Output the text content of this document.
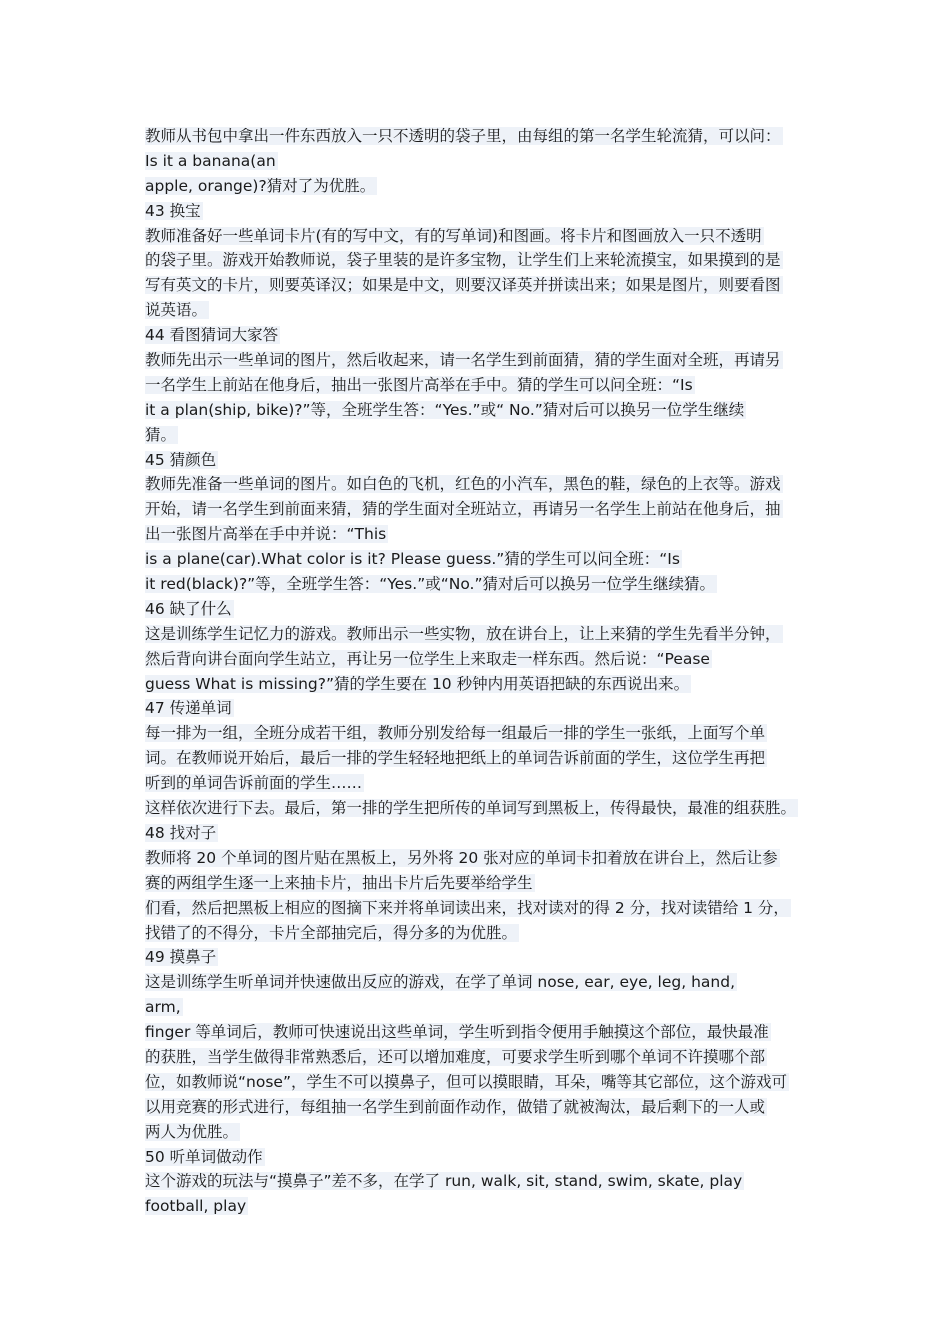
教师从书包中拿出一件东西放入一只不透明的袋子里，由每组的第一名学生轮流猜，可以问：
Is it a banana(an
apple, orange)?猜对了为优胜。
43 换宝
教师准备好一些单词卡片(有的写中文，有的写单词)和图画。将卡片和图画放入一只不透明
的袋子里。游戏开始教师说，袋子里装的是许多宝物，让学生们上来轮流摸宝，如果摸到的是
写有英文的卡片，则要英译汉；如果是中文，则要汉译英并拼读出来；如果是图片，则要看图
说英语。
44 看图猜词大家答
教师先出示一些单词的图片，然后收起来，请一名学生到前面猜，猜的学生面对全班，再请另
一名学生上前站在他身后，抽出一张图片高举在手中。猜的学生可以问全班：“Is
it a plan(ship, bike)?”等，全班学生答：“Yes.”或“ No.”猜对后可以换另一位学生继续
猜。
45 猜颜色
教师先准备一些单词的图片。如白色的飞机，红色的小汽车，黑色的鞋，绿色的上衣等。游戏
开始，请一名学生到前面来猜，猜的学生面对全班站立，再请另一名学生上前站在他身后，抽
出一张图片高举在手中并说：“This
is a plane(car).What color is it? Please guess.”猜的学生可以问全班：“Is
it red(black)?”等，全班学生答：“Yes.”或“No.”猜对后可以换另一位学生继续猜。
46 缺了什么
这是训练学生记忆力的游戏。教师出示一些实物，放在讲台上，让上来猜的学生先看半分钟，
然后背向讲台面向学生站立，再让另一位学生上来取走一样东西。然后说：“Pease
guess What is missing?”猜的学生要在 10 秒钟内用英语把缺的东西说出来。
47 传递单词
每一排为一组，全班分成若干组，教师分别发给每一组最后一排的学生一张纸，上面写个单
词。在教师说开始后，最后一排的学生轻轻地把纸上的单词告诉前面的学生，这位学生再把
听到的单词告诉前面的学生……
这样依次进行下去。最后，第一排的学生把所传的单词写到黑板上，传得最快，最准的组获胜。
48 找对子
教师将 20 个单词的图片贴在黑板上，另外将 20 张对应的单词卡扣着放在讲台上，然后让参
赛的两组学生逐一上来抽卡片，抽出卡片后先要举给学生
们看，然后把黑板上相应的图摘下来并将单词读出来，找对读对的得 2 分，找对读错给 1 分，
找错了的不得分，卡片全部抽完后，得分多的为优胜。
49 摸鼻子
这是训练学生听单词并快速做出反应的游戏，在学了单词 nose, ear, eye, leg, hand,
arm,
finger 等单词后，教师可快速说出这些单词，学生听到指令便用手触摸这个部位，最快最准
的获胜，当学生做得非常熟悉后，还可以增加难度，可要求学生听到哪个单词不许摸哪个部
位，如教师说“nose”，学生不可以摸鼻子，但可以摸眼睛，耳朵，嘴等其它部位，这个游戏可
以用竞赛的形式进行，每组抽一名学生到前面作动作，做错了就被淘汰，最后剩下的一人或
两人为优胜。
50 听单词做动作
这个游戏的玩法与“摸鼻子”差不多，在学了 run, walk, sit, stand, swim, skate, play
football, play
